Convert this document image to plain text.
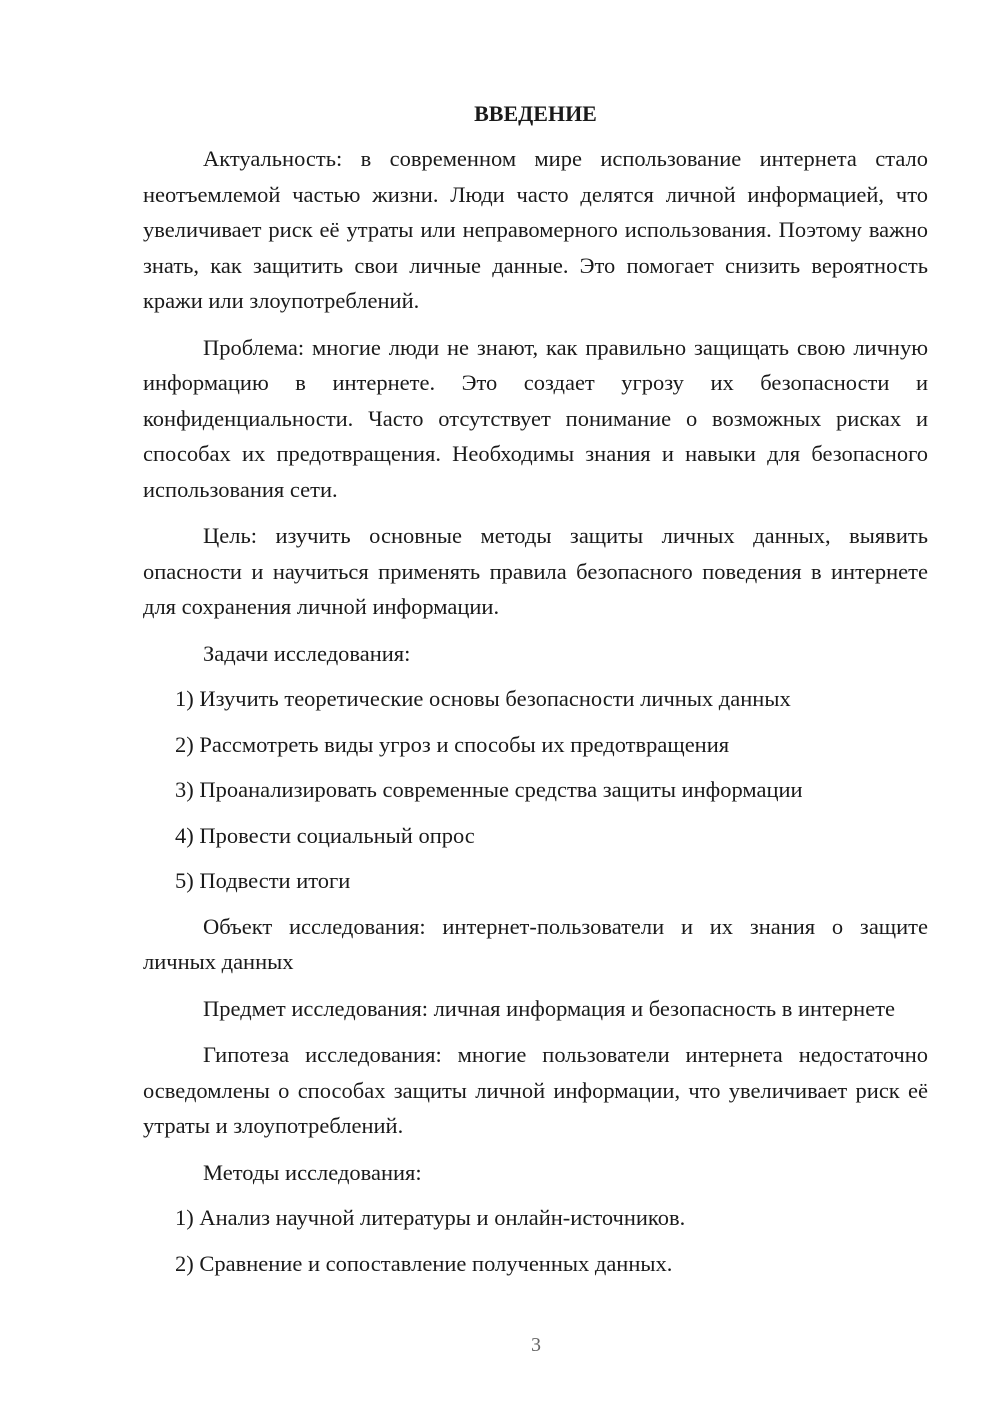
ВВЕДЕНИЕ

Актуальность: в современном мире использование интернета стало неотъемлемой частью жизни. Люди часто делятся личной информацией, что увеличивает риск её утраты или неправомерного использования. Поэтому важно знать, как защитить свои личные данные. Это помогает снизить вероятность кражи или злоупотреблений.

Проблема: многие люди не знают, как правильно защищать свою личную информацию в интернете. Это создает угрозу их безопасности и конфиденциальности. Часто отсутствует понимание о возможных рисках и способах их предотвращения. Необходимы знания и навыки для безопасного использования сети.

Цель: изучить основные методы защиты личных данных, выявить опасности и научиться применять правила безопасного поведения в интернете для сохранения личной информации.

Задачи исследования:
1) Изучить теоретические основы безопасности личных данных
2) Рассмотреть виды угроз и способы их предотвращения
3) Проанализировать современные средства защиты информации
4) Провести социальный опрос
5) Подвести итоги

Объект исследования: интернет-пользователи и их знания о защите личных данных

Предмет исследования: личная информация и безопасность в интернете

Гипотеза исследования: многие пользователи интернета недостаточно осведомлены о способах защиты личной информации, что увеличивает риск её утраты и злоупотреблений.

Методы исследования:
1) Анализ научной литературы и онлайн-источников.
2) Сравнение и сопоставление полученных данных.
3
